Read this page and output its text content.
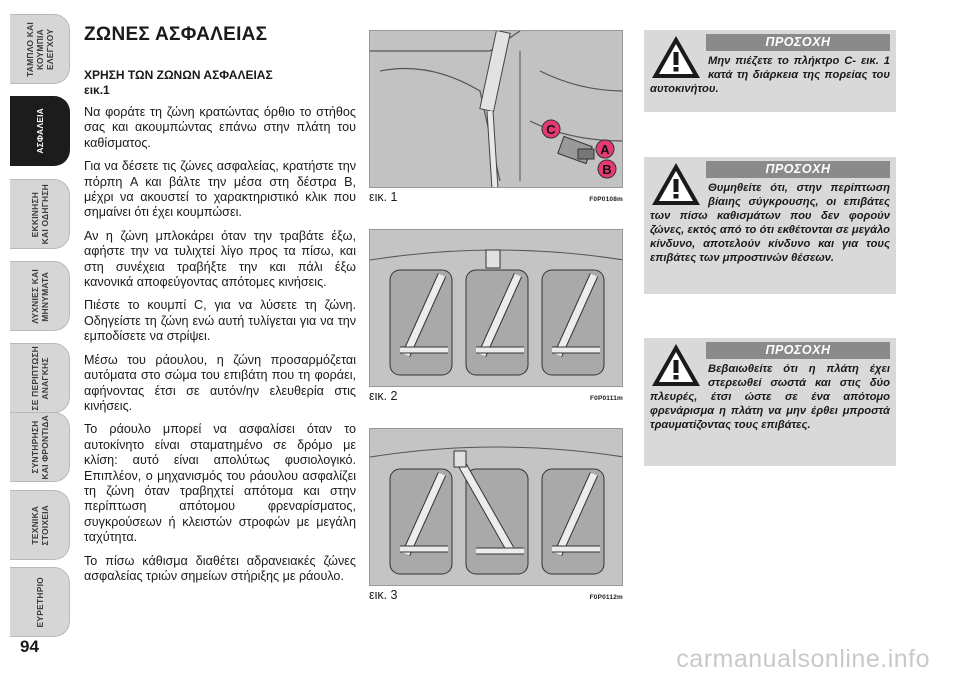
ΤΑΜΠΛΟ ΚΑΙ
ΚΟΥΜΠΙΑ
ΕΛΕΓΧΟΥ
ΑΣΦΑΛΕΙΑ
ΕΚΚΙΝΗΣΗ
ΚΑΙ ΟΔΗΓΗΣΗ
ΛΥΧΝΙΕΣ ΚΑΙ
ΜΗΝΥΜΑΤΑ
ΣΕ ΠΕΡΙΠΤΩΣΗ
ΑΝΑΓΚΗΣ
ΣΥΝΤΗΡΗΣΗ
ΚΑΙ ΦΡΟΝΤΙΔΑ
ΤΕΧΝΙΚΑ
ΣΤΟΙΧΕΙΑ
ΕΥΡΕΤΗΡΙΟ
94
ΖΩΝΕΣ ΑΣΦΑΛΕΙΑΣ
ΧΡΗΣΗ ΤΩΝ ΖΩΝΩΝ ΑΣΦΑΛΕΙΑΣ
εικ.1

Να φοράτε τη ζώνη κρατώντας όρθιο το στήθος σας και ακουμπώντας επάνω στην πλάτη του καθίσματος.

Για να δέσετε τις ζώνες ασφαλείας, κρατήστε την πόρπη A και βάλτε την μέσα στη δέστρα B, μέχρι να ακουστεί το χαρακτηριστικό κλικ που σημαίνει ότι έχει κουμπώσει.

Αν η ζώνη μπλοκάρει όταν την τραβάτε έξω, αφήστε την να τυλιχτεί λίγο προς τα πίσω, και στη συνέχεια τραβήξτε την και πάλι έξω κανονικά αποφεύγοντας απότομες κινήσεις.

Πιέστε το κουμπί C, για να λύσετε τη ζώνη. Οδηγείστε τη ζώνη ενώ αυτή τυλίγεται για να την εμποδίσετε να στρίψει.

Μέσω του ράουλου, η ζώνη προσαρμόζεται αυτόματα στο σώμα του επιβάτη που τη φοράει, αφήνοντας έτσι σε αυτόν/ην ελευθερία στις κινήσεις.

Το ράουλο μπορεί να ασφαλίσει όταν το αυτοκίνητο είναι σταματημένο σε δρόμο με κλίση: αυτό είναι απολύτως φυσιολογικό. Επιπλέον, ο μηχανισμός του ράουλου ασφαλίζει τη ζώνη όταν τραβηχτεί απότομα και στην περίπτωση απότομου φρεναρίσματος, συγκρούσεων ή κλειστών στροφών με μεγάλη ταχύτητα.

Το πίσω κάθισμα διαθέτει αδρανειακές ζώνες ασφαλείας τριών σημείων στήριξης με ράουλο.

C
A
B
εικ. 1	F0P0108m
εικ. 2	F0P0111m
εικ. 3	F0P0112m
ΠΡΟΣΟΧΗ
Μην πιέζετε το πλήκτρο C- εικ. 1 κατά τη διάρκεια της πορείας του αυτοκινήτου.
ΠΡΟΣΟΧΗ
Θυμηθείτε ότι, στην περίπτωση βίαιης σύγκρουσης, οι επιβάτες των πίσω καθισμάτων που δεν φορούν ζώνες, εκτός από το ότι εκθέτονται σε μεγάλο κίνδυνο, αποτελούν κίνδυνο και για τους επιβάτες των μπροστινών θέσεων.
ΠΡΟΣΟΧΗ
Βεβαιωθείτε ότι η πλάτη έχει στερεωθεί σωστά και στις δύο πλευρές, έτσι ώστε σε ένα απότομο φρενάρισμα η πλάτη να μην έρθει μπροστά τραυματίζοντας τους επιβάτες.
carmanualsonline.info
